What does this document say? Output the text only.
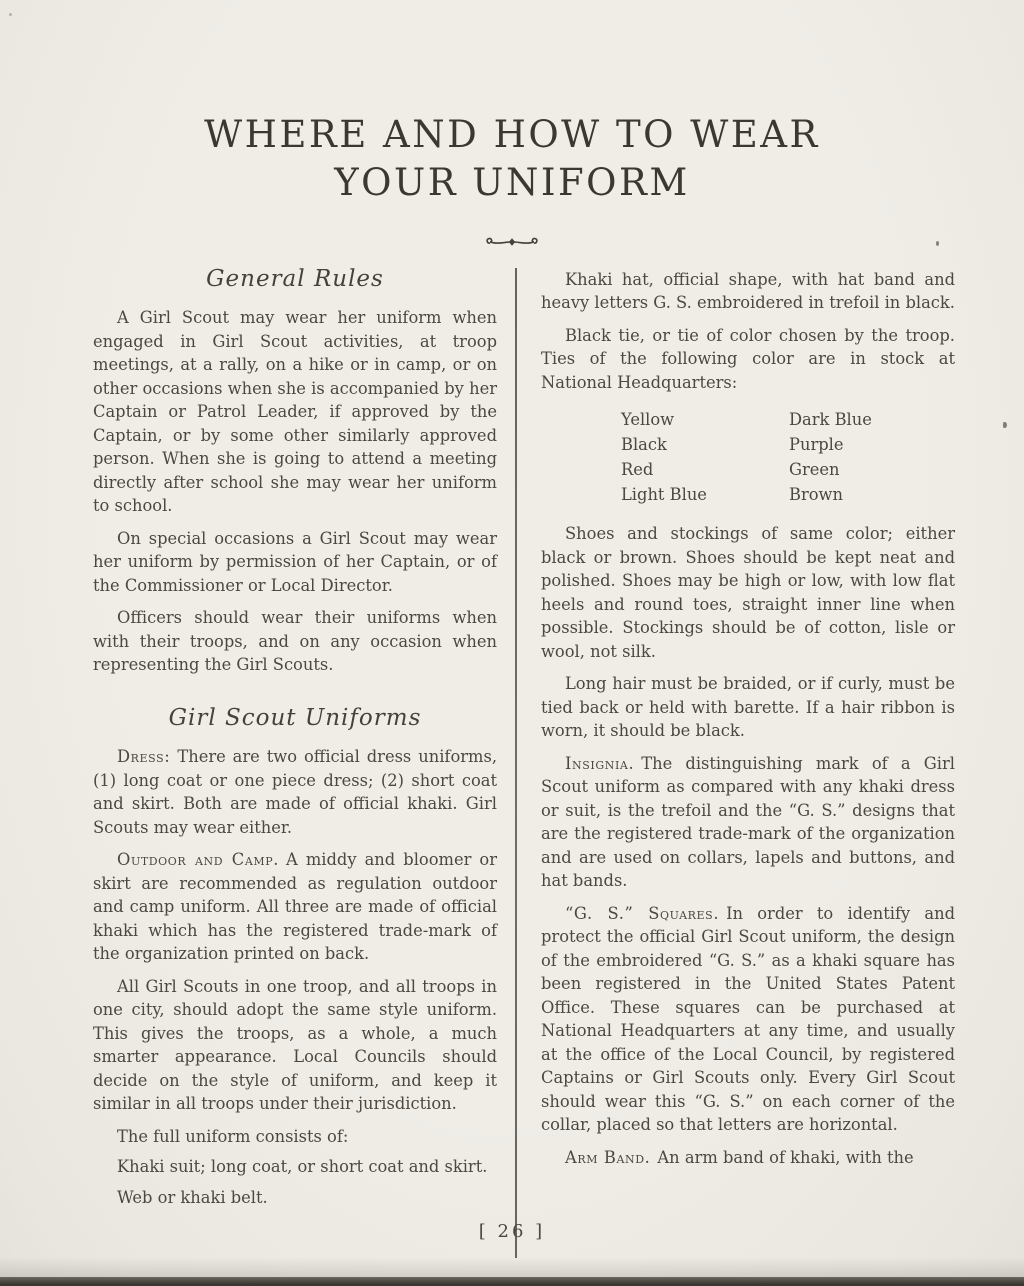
WHERE AND HOW TO WEAR
YOUR UNIFORM
General Rules

A Girl Scout may wear her uniform when engaged in Girl Scout activities, at troop meetings, at a rally, on a hike or in camp, or on other occasions when she is accompanied by her Captain or Patrol Leader, if approved by the Captain, or by some other similarly approved person. When she is going to attend a meeting directly after school she may wear her uniform to school.

On special occasions a Girl Scout may wear her uniform by permission of her Captain, or of the Commissioner or Local Director.

Officers should wear their uniforms when with their troops, and on any occasion when representing the Girl Scouts.

Girl Scout Uniforms

Dress: There are two official dress uniforms, (1) long coat or one piece dress; (2) short coat and skirt. Both are made of official khaki. Girl Scouts may wear either.

Outdoor and Camp. A middy and bloomer or skirt are recommended as regulation outdoor and camp uniform. All three are made of official khaki which has the registered trade-mark of the organization printed on back.

All Girl Scouts in one troop, and all troops in one city, should adopt the same style uniform. This gives the troops, as a whole, a much smarter appearance. Local Councils should decide on the style of uniform, and keep it similar in all troops under their jurisdiction.

The full uniform consists of:

Khaki suit; long coat, or short coat and skirt.

Web or khaki belt.

Khaki hat, official shape, with hat band and heavy letters G. S. embroidered in trefoil in black.

Black tie, or tie of color chosen by the troop. Ties of the following color are in stock at National Headquarters:

Yellow	Dark Blue
Black	Purple
Red	Green
Light Blue	Brown

Shoes and stockings of same color; either black or brown. Shoes should be kept neat and polished. Shoes may be high or low, with low flat heels and round toes, straight inner line when possible. Stockings should be of cotton, lisle or wool, not silk.

Long hair must be braided, or if curly, must be tied back or held with barette. If a hair ribbon is worn, it should be black.

Insignia. The distinguishing mark of a Girl Scout uniform as compared with any khaki dress or suit, is the trefoil and the “G. S.” designs that are the registered trade-mark of the organization and are used on collars, lapels and buttons, and hat bands.

“G. S.” Squares. In order to identify and protect the official Girl Scout uniform, the design of the embroidered “G. S.” as a khaki square has been registered in the United States Patent Office. These squares can be purchased at National Headquarters at any time, and usually at the office of the Local Council, by registered Captains or Girl Scouts only. Every Girl Scout should wear this “G. S.” on each corner of the collar, placed so that letters are horizontal.

Arm Band. An arm band of khaki, with the

[ 26 ]
